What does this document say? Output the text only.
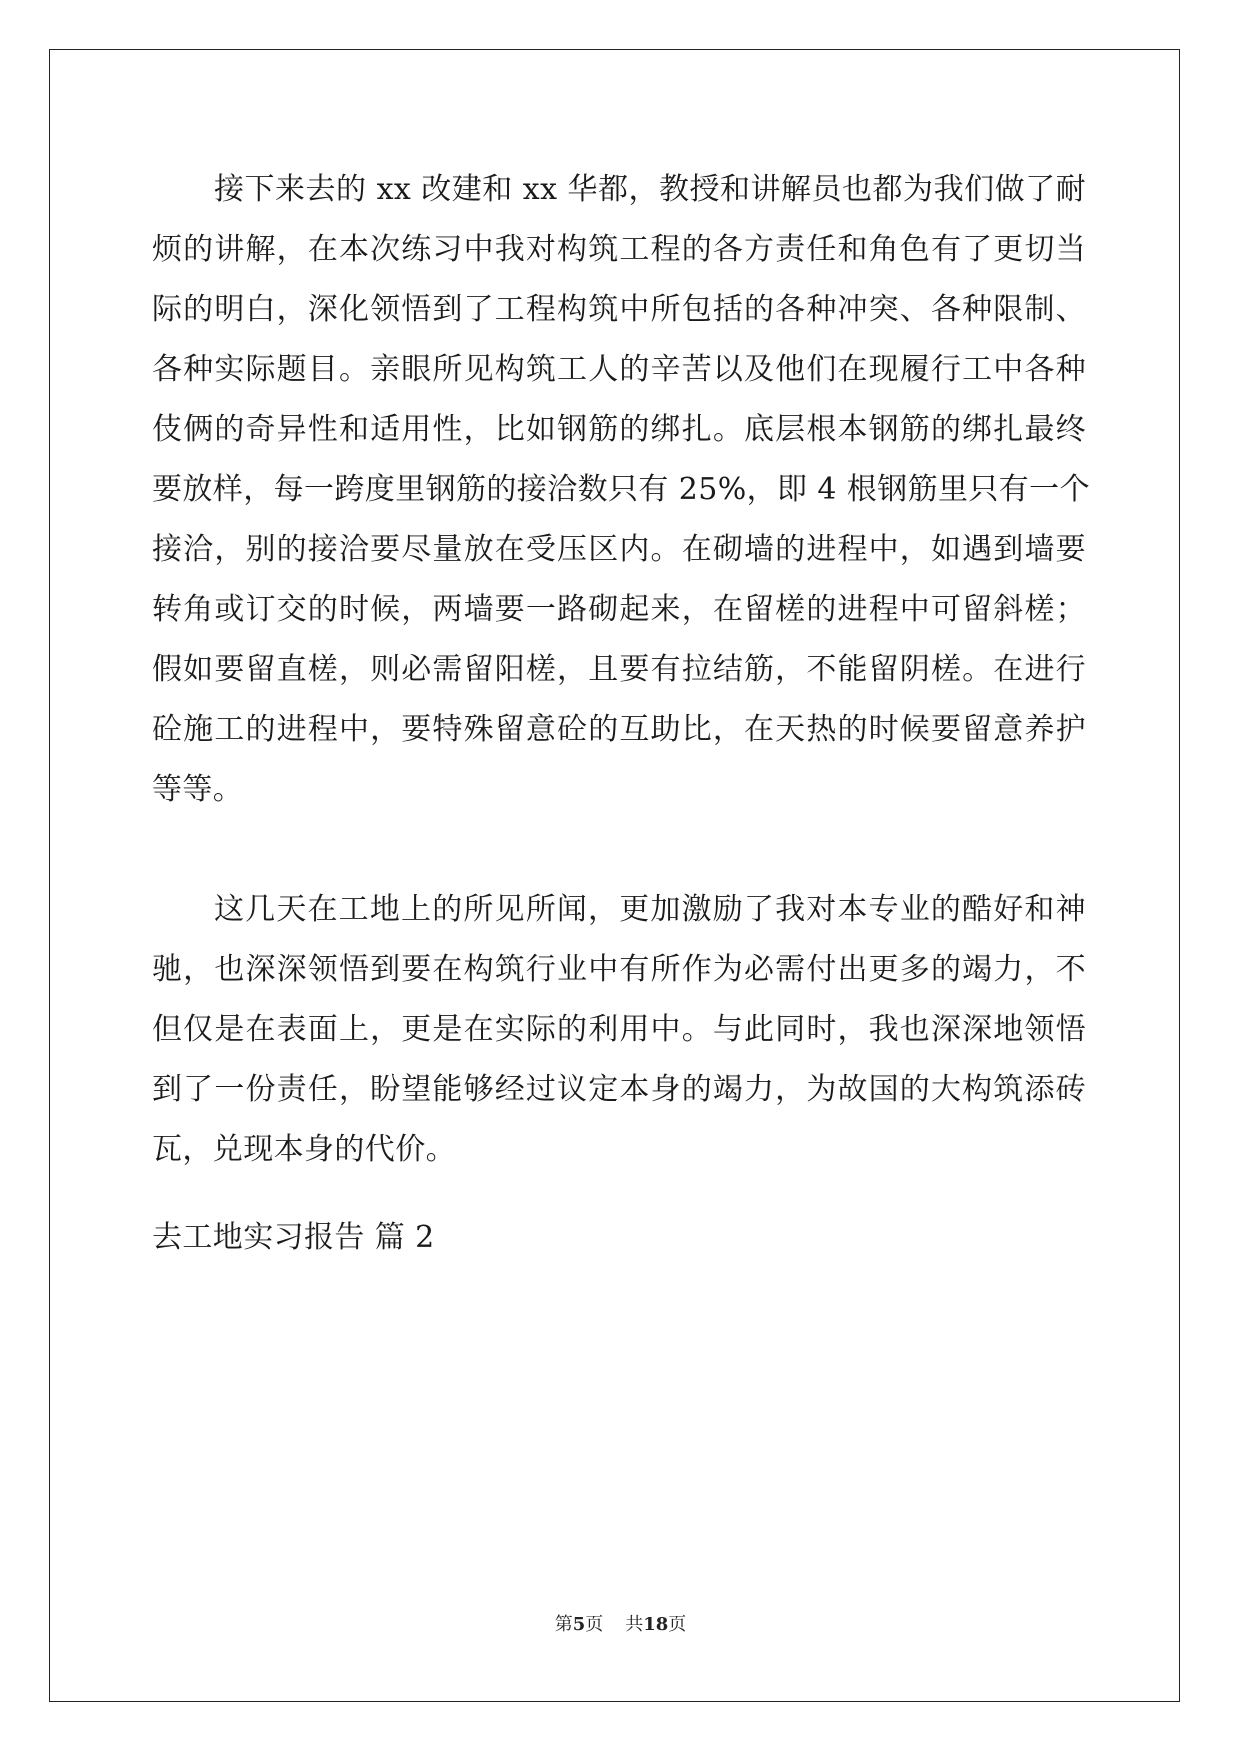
接下来去的 xx 改建和 xx 华都，教授和讲解员也都为我们做了耐
烦的讲解，在本次练习中我对构筑工程的各方责任和角色有了更切当
际的明白，深化领悟到了工程构筑中所包括的各种冲突、各种限制、
各种实际题目。亲眼所见构筑工人的辛苦以及他们在现履行工中各种
伎俩的奇异性和适用性，比如钢筋的绑扎。底层根本钢筋的绑扎最终
要放样，每一跨度里钢筋的接洽数只有 25%，即 4 根钢筋里只有一个
接洽，别的接洽要尽量放在受压区内。在砌墙的进程中，如遇到墙要
转角或订交的时候，两墙要一路砌起来，在留槎的进程中可留斜槎；
假如要留直槎，则必需留阳槎，且要有拉结筋，不能留阴槎。在进行
砼施工的进程中，要特殊留意砼的互助比，在天热的时候要留意养护
等等。
这几天在工地上的所见所闻，更加激励了我对本专业的酷好和神
驰，也深深领悟到要在构筑行业中有所作为必需付出更多的竭力，不
但仅是在表面上，更是在实际的利用中。与此同时，我也深深地领悟
到了一份责任，盼望能够经过议定本身的竭力，为故国的大构筑添砖
瓦，兑现本身的代价。
去工地实习报告 篇 2
第5页 共18页
